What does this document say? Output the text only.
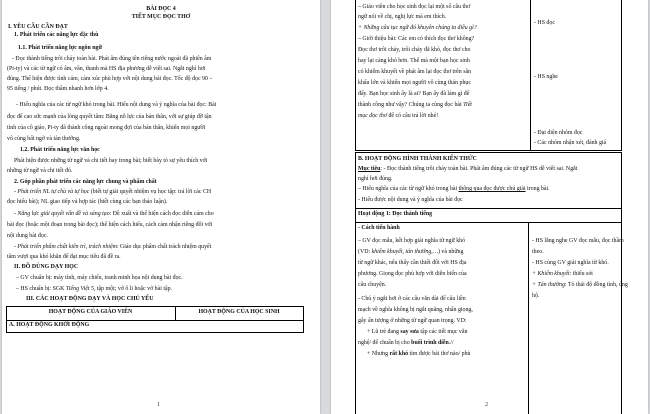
BÀI ĐỌC 4
TIẾT MỤC ĐỌC THƠ
I. YÊU CẦU CẦN ĐẠT
1. Phát triển các năng lực đặc thù
1.1. Phát triển năng lực ngôn ngữ
- Đọc thành tiếng trôi chảy toàn bài. Phát âm đúng tên riêng nước ngoài đã phiên âm
(Pi-ty) và các từ ngữ có âm, vần, thanh mà HS địa phương dễ viết sai. Ngắt nghỉ hơi
đúng. Thể hiện được tình cảm, cảm xúc phù hợp với nội dung bài đọc. Tốc độ đọc 90 –
95 tiếng / phút. Đọc thầm nhanh hơn lớp 4.
- Hiểu nghĩa của các từ ngữ khó trong bài. Hiểu nội dung và ý nghĩa của bài đọc: Bài
đọc để cao sức mạnh của lòng quyết tâm: Bằng nỗ lực của bản thân, với sự giúp đỡ tận
tình của cô giáo, Pi-ty đã thành công ngoài mong đợi của bản thân, khiến mọi người
vô cùng bất ngờ và tán thưởng.
1.2. Phát triển năng lực văn học
Phát hiện được những từ ngữ và chi tiết hay trong bài; biết bày tỏ sự yêu thích với
những từ ngữ và chi tiết đó.
2. Góp phần phát triển các năng lực chung và phẩm chất
- Phát triển NL tự chủ và tự học (biết tự giải quyết nhiệm vụ học tập: trả lời các CH
đọc hiểu bài); NL giao tiếp và hợp tác (biết cùng các bạn thảo luận).
- Năng lực giải quyết vấn đề và sáng tạo: Đề xuất và thể hiện cách đọc diễn cảm cho
bài đọc (hoặc một đoạn trong bài đọc); thể hiện cách hiểu, cách cảm nhận riêng đối với
nội dung bài đọc.
- Phát triển phẩm chất kiên trì, trách nhiệm: Giáo dục phẩm chất trách nhiệm quyết
tâm vượt qua khó khăn để đạt mục tiêu đã đề ra.
II. ĐỒ DÙNG DẠY HỌC
– GV chuẩn bị: máy tính, máy chiếu, tranh minh họa nội dung bài đọc.
– HS chuẩn bị: SGK Tiếng Việt 5, tập một; vở ô li hoặc vở bài tập.
III. CÁC HOẠT ĐỘNG DẠY VÀ HỌC CHỦ YẾU
HOẠT ĐỘNG CỦA GIÁO VIÊN	HOẠT ĐỘNG CỦA HỌC SINH
A. HOẠT ĐỘNG KHỞI ĐỘNG
1
– Giáo viên cho học sinh đọc lại một số câu thơ
ngữ nói về chị, nghị lực mà em thích.
+ Những câu tục ngữ đó khuyên chúng ta điều gì?
– Giới thiệu bài: Các em có thích đọc thơ không?
Đọc thơ trôi chảy, trôi chảy đã khó, đọc thơ cho
hay lại càng khó hơn. Thế mà một bạn học sinh
có khiếm khuyết về phát âm lại đọc thơ trên sân
khấu lớn và khiến mọi người vô cùng thán phục
đấy. Bạn học sinh ấy là ai? Bạn ấy đã làm gì để
thành công như vậy? Chúng ta cùng đọc bài Tiết
mục đọc thơ để có câu trả lời nhé!
- HS đọc
- HS nghe
- Đại diện nhóm đọc
- Các nhóm nhận xét, đánh giá
B. HOẠT ĐỘNG HÌNH THÀNH KIẾN THỨC
Mục tiêu: - Đọc thành tiếng trôi chảy toàn bài. Phát âm đúng các từ ngữ HS dễ viết sai. Ngắt
nghỉ hơi đúng.
– Hiểu nghĩa của các từ ngữ khó trong bài thông qua đọc được chú giải trong bài.
- Hiểu được nội dung và ý nghĩa của bài đọc
Hoạt động 1: Đọc thành tiếng
- Cách tiến hành
– GV đọc mẫu, kết hợp giải nghĩa từ ngữ khó
(VD: khiếm khuyết, tán thưởng,…) và những
từ ngữ khác, nếu thấy cần thiết đối với HS địa
phương. Giọng đọc phù hợp với diễn biến của
câu chuyện.
- Chú ý ngắt hơi ở các câu văn dài để câu liền
mạch về nghĩa không bị ngắt quãng, nhấn giọng,
gây ấn tượng ở những từ ngữ quan trọng. VD:
+ Lũ trẻ đang say sưa tập các tiết mục văn
nghệ/ để chuẩn bị cho buổi trình diễn.//
+ Nhưng rất khó tìm được bài thơ nào/ phù
- HS lắng nghe GV đọc mẫu, đọc thầm
theo.
- HS cùng GV giải nghĩa từ khó.
+ Khiếm khuyết: thiếu sót
+ Tán thưởng: Tỏ thái độ đồng tình, ủng
hộ.
2
